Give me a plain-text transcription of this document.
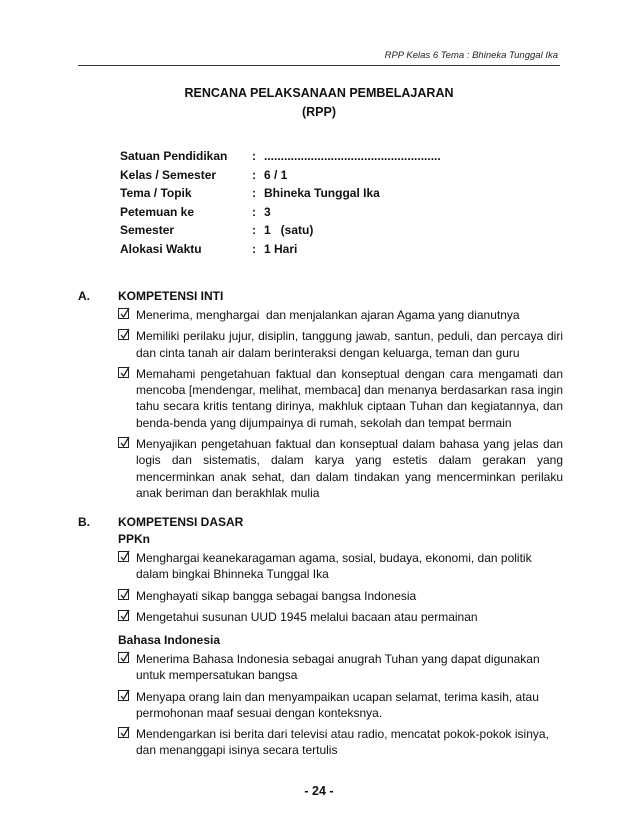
RPP Kelas 6 Tema : Bhineka Tunggal Ika
RENCANA PELAKSANAAN PEMBELAJARAN
(RPP)
Satuan Pendidikan	: .....................................................
Kelas / Semester	: 6 / 1
Tema / Topik	: Bhineka Tunggal Ika
Petemuan ke	: 3
Semester	: 1   (satu)
Alokasi Waktu	: 1 Hari
A. KOMPETENSI INTI
Menerima, menghargai  dan menjalankan ajaran Agama yang dianutnya
Memiliki perilaku jujur, disiplin, tanggung jawab, santun, peduli, dan percaya diri dan cinta tanah air dalam berinteraksi dengan keluarga, teman dan guru
Memahami pengetahuan faktual dan konseptual dengan cara mengamati dan mencoba [mendengar, melihat, membaca] dan menanya berdasarkan rasa ingin tahu secara kritis tentang dirinya, makhluk ciptaan Tuhan dan kegiatannya, dan benda-benda yang dijumpainya di rumah, sekolah dan tempat bermain
Menyajikan pengetahuan faktual dan konseptual dalam bahasa yang jelas dan logis dan sistematis, dalam karya yang estetis dalam gerakan yang mencerminkan anak sehat, dan dalam tindakan yang mencerminkan perilaku anak beriman dan berakhlak mulia
B. KOMPETENSI DASAR
PPKn
Menghargai keanekaragaman agama, sosial, budaya, ekonomi, dan politik dalam bingkai Bhinneka Tunggal Ika
Menghayati sikap bangga sebagai bangsa Indonesia
Mengetahui susunan UUD 1945 melalui bacaan atau permainan
Bahasa Indonesia
Menerima Bahasa Indonesia sebagai anugrah Tuhan yang dapat digunakan untuk mempersatukan bangsa
Menyapa orang lain dan menyampaikan ucapan selamat, terima kasih, atau permohonan maaf sesuai dengan konteksnya.
Mendengarkan isi berita dari televisi atau radio, mencatat pokok-pokok isinya, dan menanggapi isinya secara tertulis
- 24 -
